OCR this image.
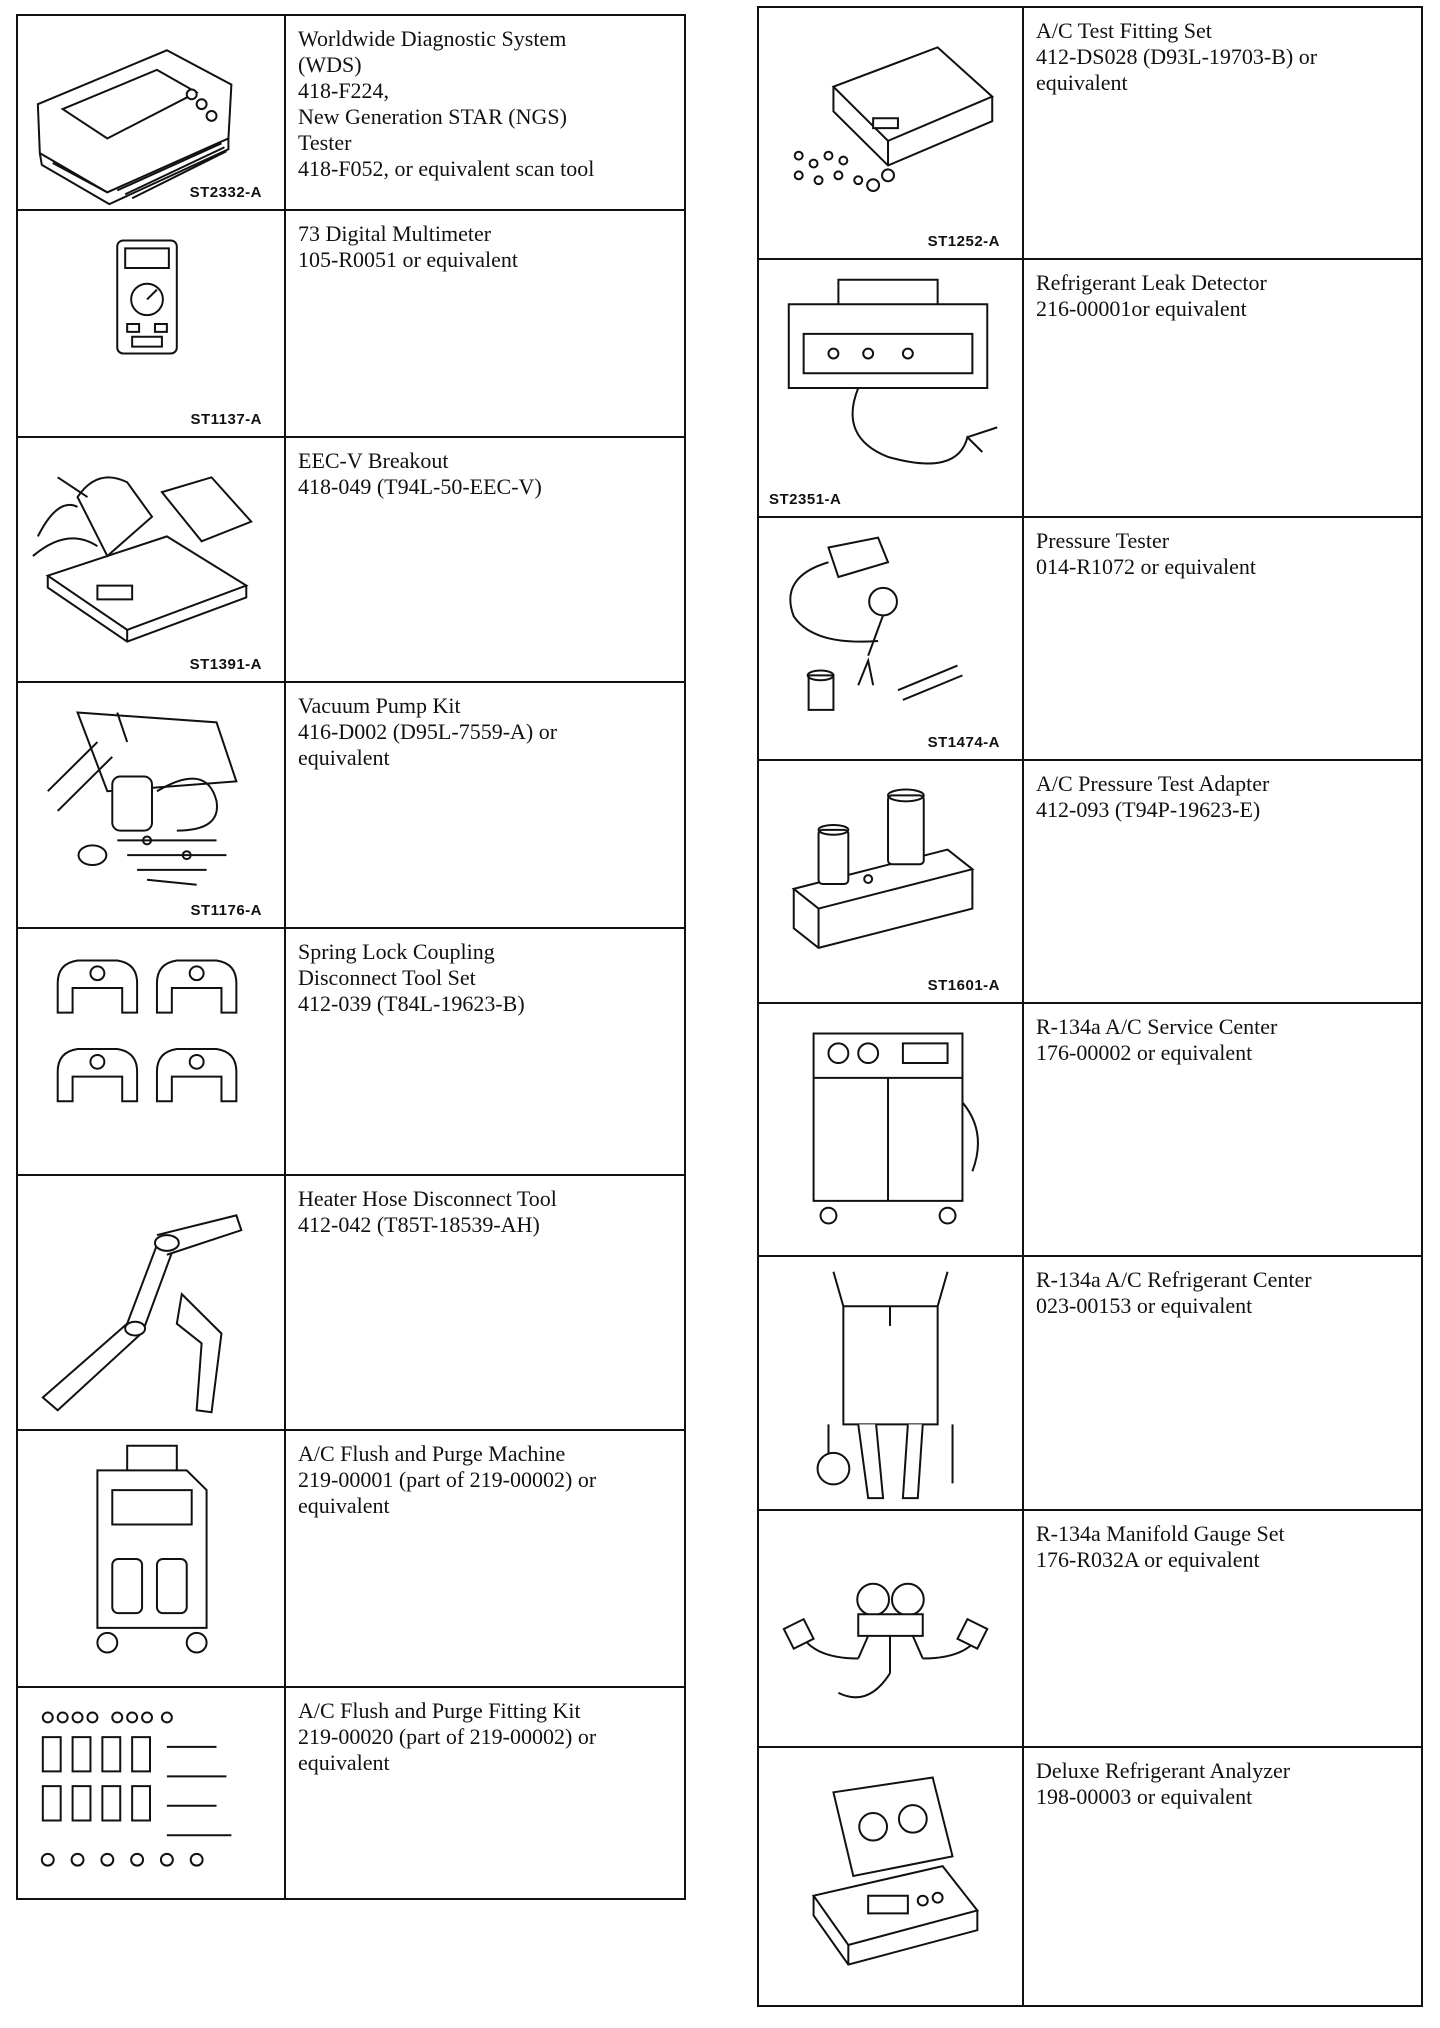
ST2332-A
Worldwide Diagnostic System
(WDS)
418-F224,
New Generation STAR (NGS)
Tester
418-F052, or equivalent scan tool
ST1137-A
73 Digital Multimeter
105-R0051 or equivalent
ST1391-A
EEC-V Breakout
418-049 (T94L-50-EEC-V)
ST1176-A
Vacuum Pump Kit
416-D002 (D95L-7559-A) or
equivalent
Spring Lock Coupling
Disconnect Tool Set
412-039 (T84L-19623-B)
Heater Hose Disconnect Tool
412-042 (T85T-18539-AH)
A/C Flush and Purge Machine
219-00001 (part of 219-00002) or
equivalent
A/C Flush and Purge Fitting Kit
219-00020 (part of 219-00002) or
equivalent
ST1252-A
A/C Test Fitting Set
412-DS028 (D93L-19703-B) or
equivalent
ST2351-A
Refrigerant Leak Detector
216-00001or equivalent
ST1474-A
Pressure Tester
014-R1072 or equivalent
ST1601-A
A/C Pressure Test Adapter
412-093 (T94P-19623-E)
R-134a A/C Service Center
176-00002 or equivalent
R-134a A/C Refrigerant Center
023-00153 or equivalent
R-134a Manifold Gauge Set
176-R032A or equivalent
Deluxe Refrigerant Analyzer
198-00003 or equivalent
